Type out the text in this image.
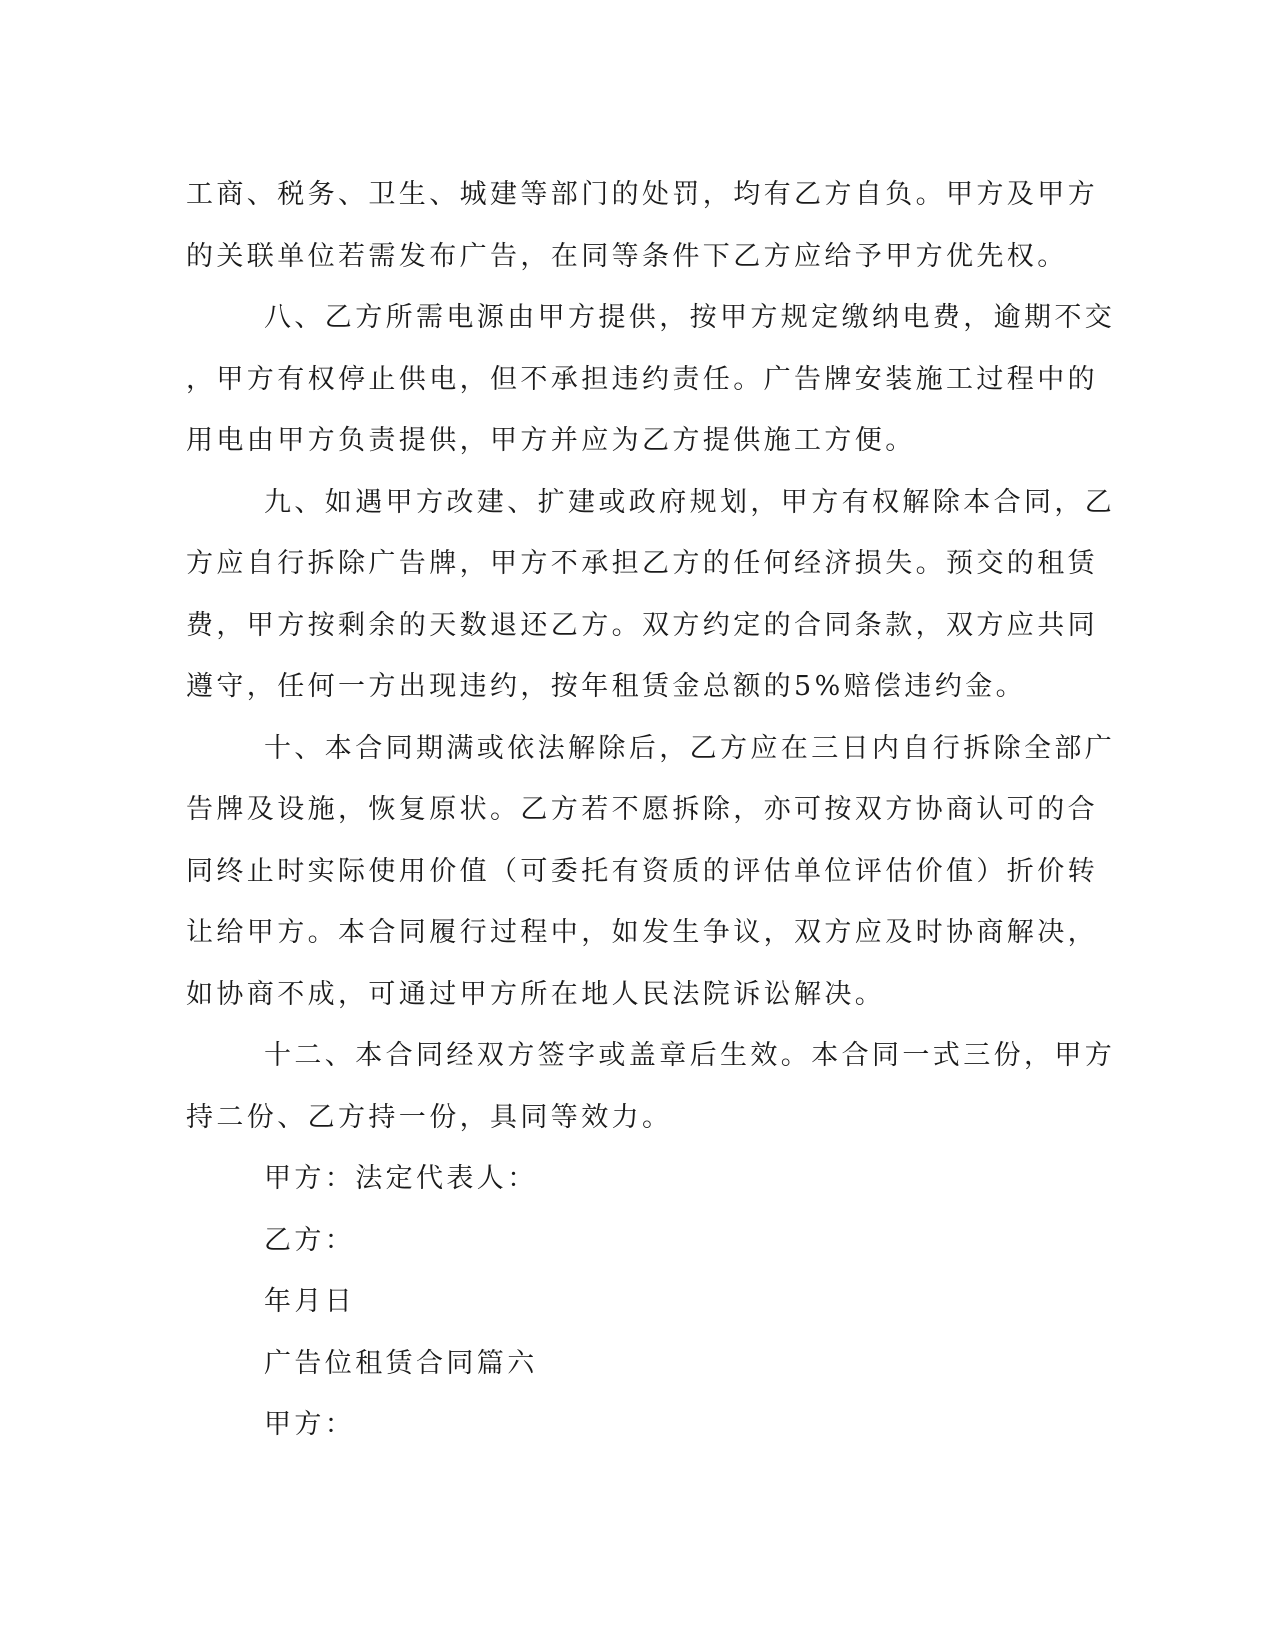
工商、税务、卫生、城建等部门的处罚，均有乙方自负。甲方及甲方
的关联单位若需发布广告，在同等条件下乙方应给予甲方优先权。
八、乙方所需电源由甲方提供，按甲方规定缴纳电费，逾期不交
，甲方有权停止供电，但不承担违约责任。广告牌安装施工过程中的
用电由甲方负责提供，甲方并应为乙方提供施工方便。
九、如遇甲方改建、扩建或政府规划，甲方有权解除本合同，乙
方应自行拆除广告牌，甲方不承担乙方的任何经济损失。预交的租赁
费，甲方按剩余的天数退还乙方。双方约定的合同条款，双方应共同
遵守，任何一方出现违约，按年租赁金总额的5%赔偿违约金。
十、本合同期满或依法解除后，乙方应在三日内自行拆除全部广
告牌及设施，恢复原状。乙方若不愿拆除，亦可按双方协商认可的合
同终止时实际使用价值（可委托有资质的评估单位评估价值）折价转
让给甲方。本合同履行过程中，如发生争议，双方应及时协商解决，
如协商不成，可通过甲方所在地人民法院诉讼解决。
十二、本合同经双方签字或盖章后生效。本合同一式三份，甲方
持二份、乙方持一份，具同等效力。
甲方：法定代表人：
乙方：
年月日
广告位租赁合同篇六
甲方：
